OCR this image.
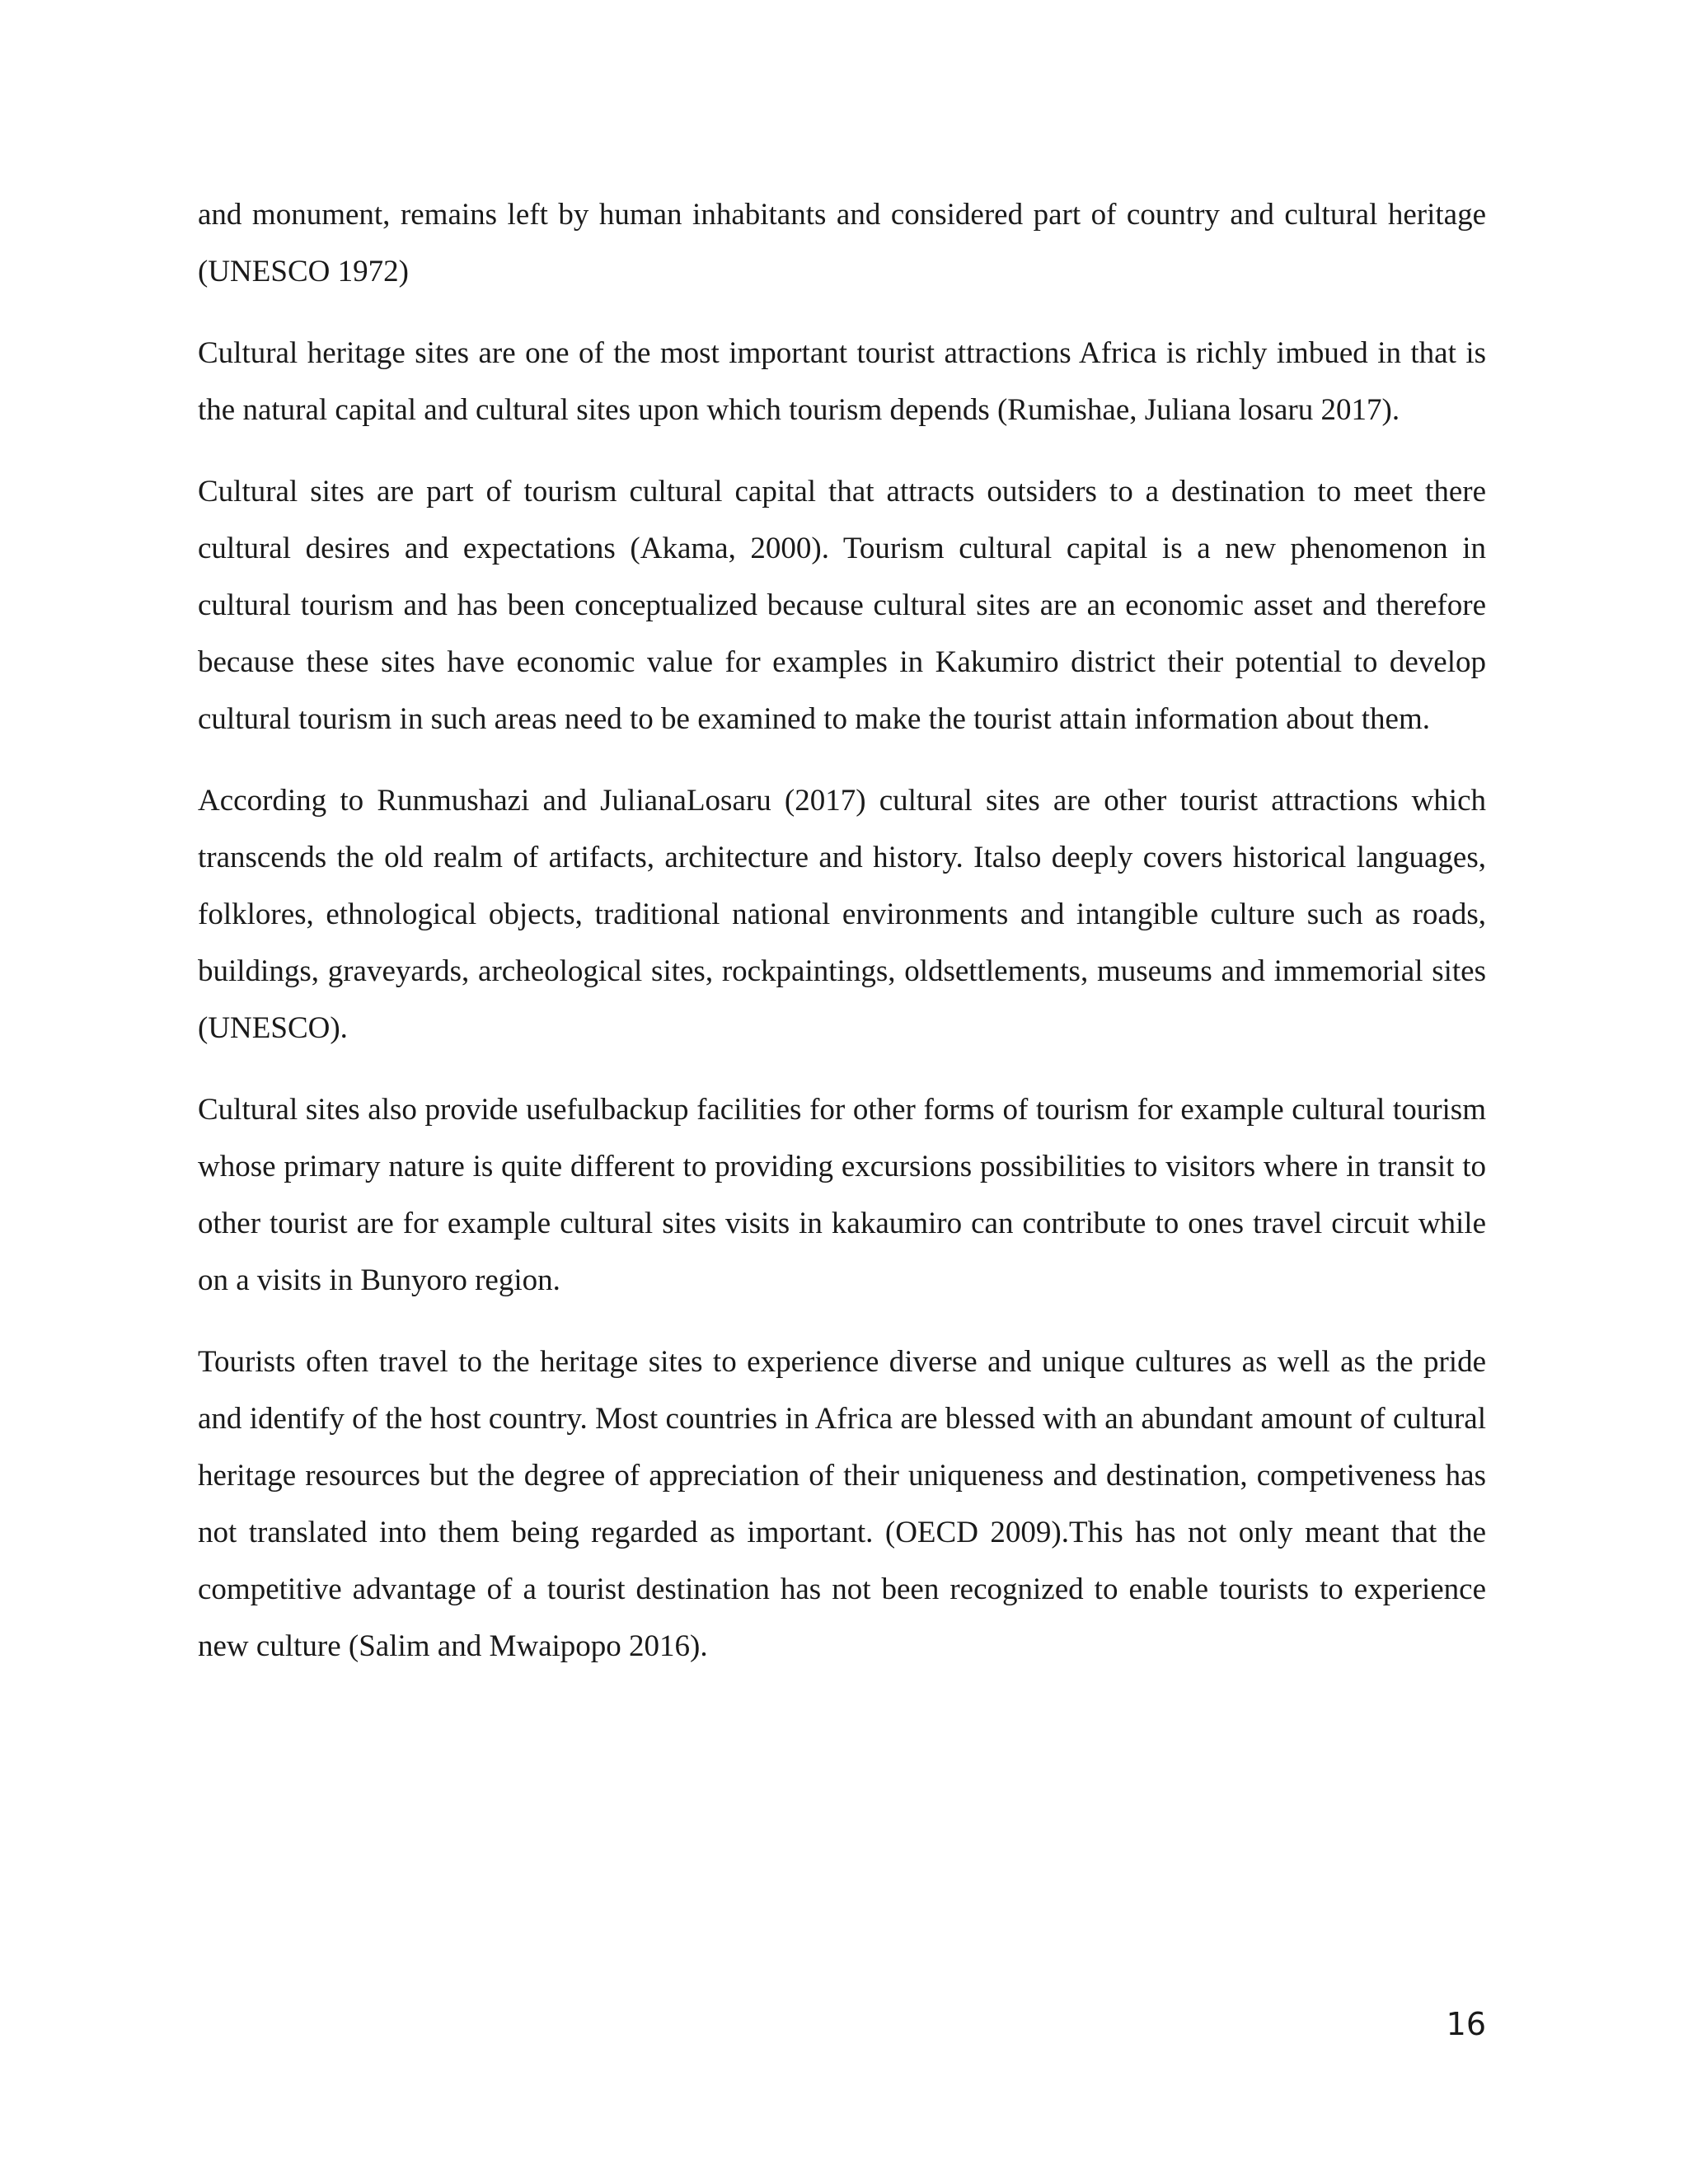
and monument, remains left by human inhabitants and considered part of country and cultural heritage (UNESCO 1972)

Cultural heritage sites are one of the most important tourist attractions Africa is richly imbued in that is the natural capital and cultural sites upon which tourism depends (Rumishae, Juliana losaru 2017).

Cultural sites are part of tourism cultural capital that attracts outsiders to a destination to meet there cultural desires and expectations (Akama, 2000). Tourism cultural capital is a new phenomenon in cultural tourism and has been conceptualized because cultural sites are an economic asset and therefore because these sites have economic value for examples in Kakumiro district their potential to develop cultural tourism in such areas need to be examined to make the tourist attain information about them.

According to Runmushazi and JulianaLosaru (2017) cultural sites are other tourist attractions which transcends the old realm of artifacts, architecture and history. Italso deeply covers historical languages, folklores, ethnological objects, traditional national environments and intangible culture such as roads, buildings, graveyards, archeological sites, rockpaintings, oldsettlements, museums and immemorial sites (UNESCO).

Cultural sites also provide usefulbackup facilities for other forms of tourism for example cultural tourism whose primary nature is quite different to providing excursions possibilities to visitors where in transit to other tourist are for example cultural sites visits in kakaumiro can contribute to ones travel circuit while on a visits in Bunyoro region.

Tourists often travel to the heritage sites to experience diverse and unique cultures as well as the pride and identify of the host country. Most countries in Africa are blessed with an abundant amount of cultural heritage resources but the degree of appreciation of their uniqueness and destination, competiveness has not translated into them being regarded as important. (OECD 2009).This has not only meant that the competitive advantage of a tourist destination has not been recognized to enable tourists to experience new culture (Salim and Mwaipopo 2016).

16
